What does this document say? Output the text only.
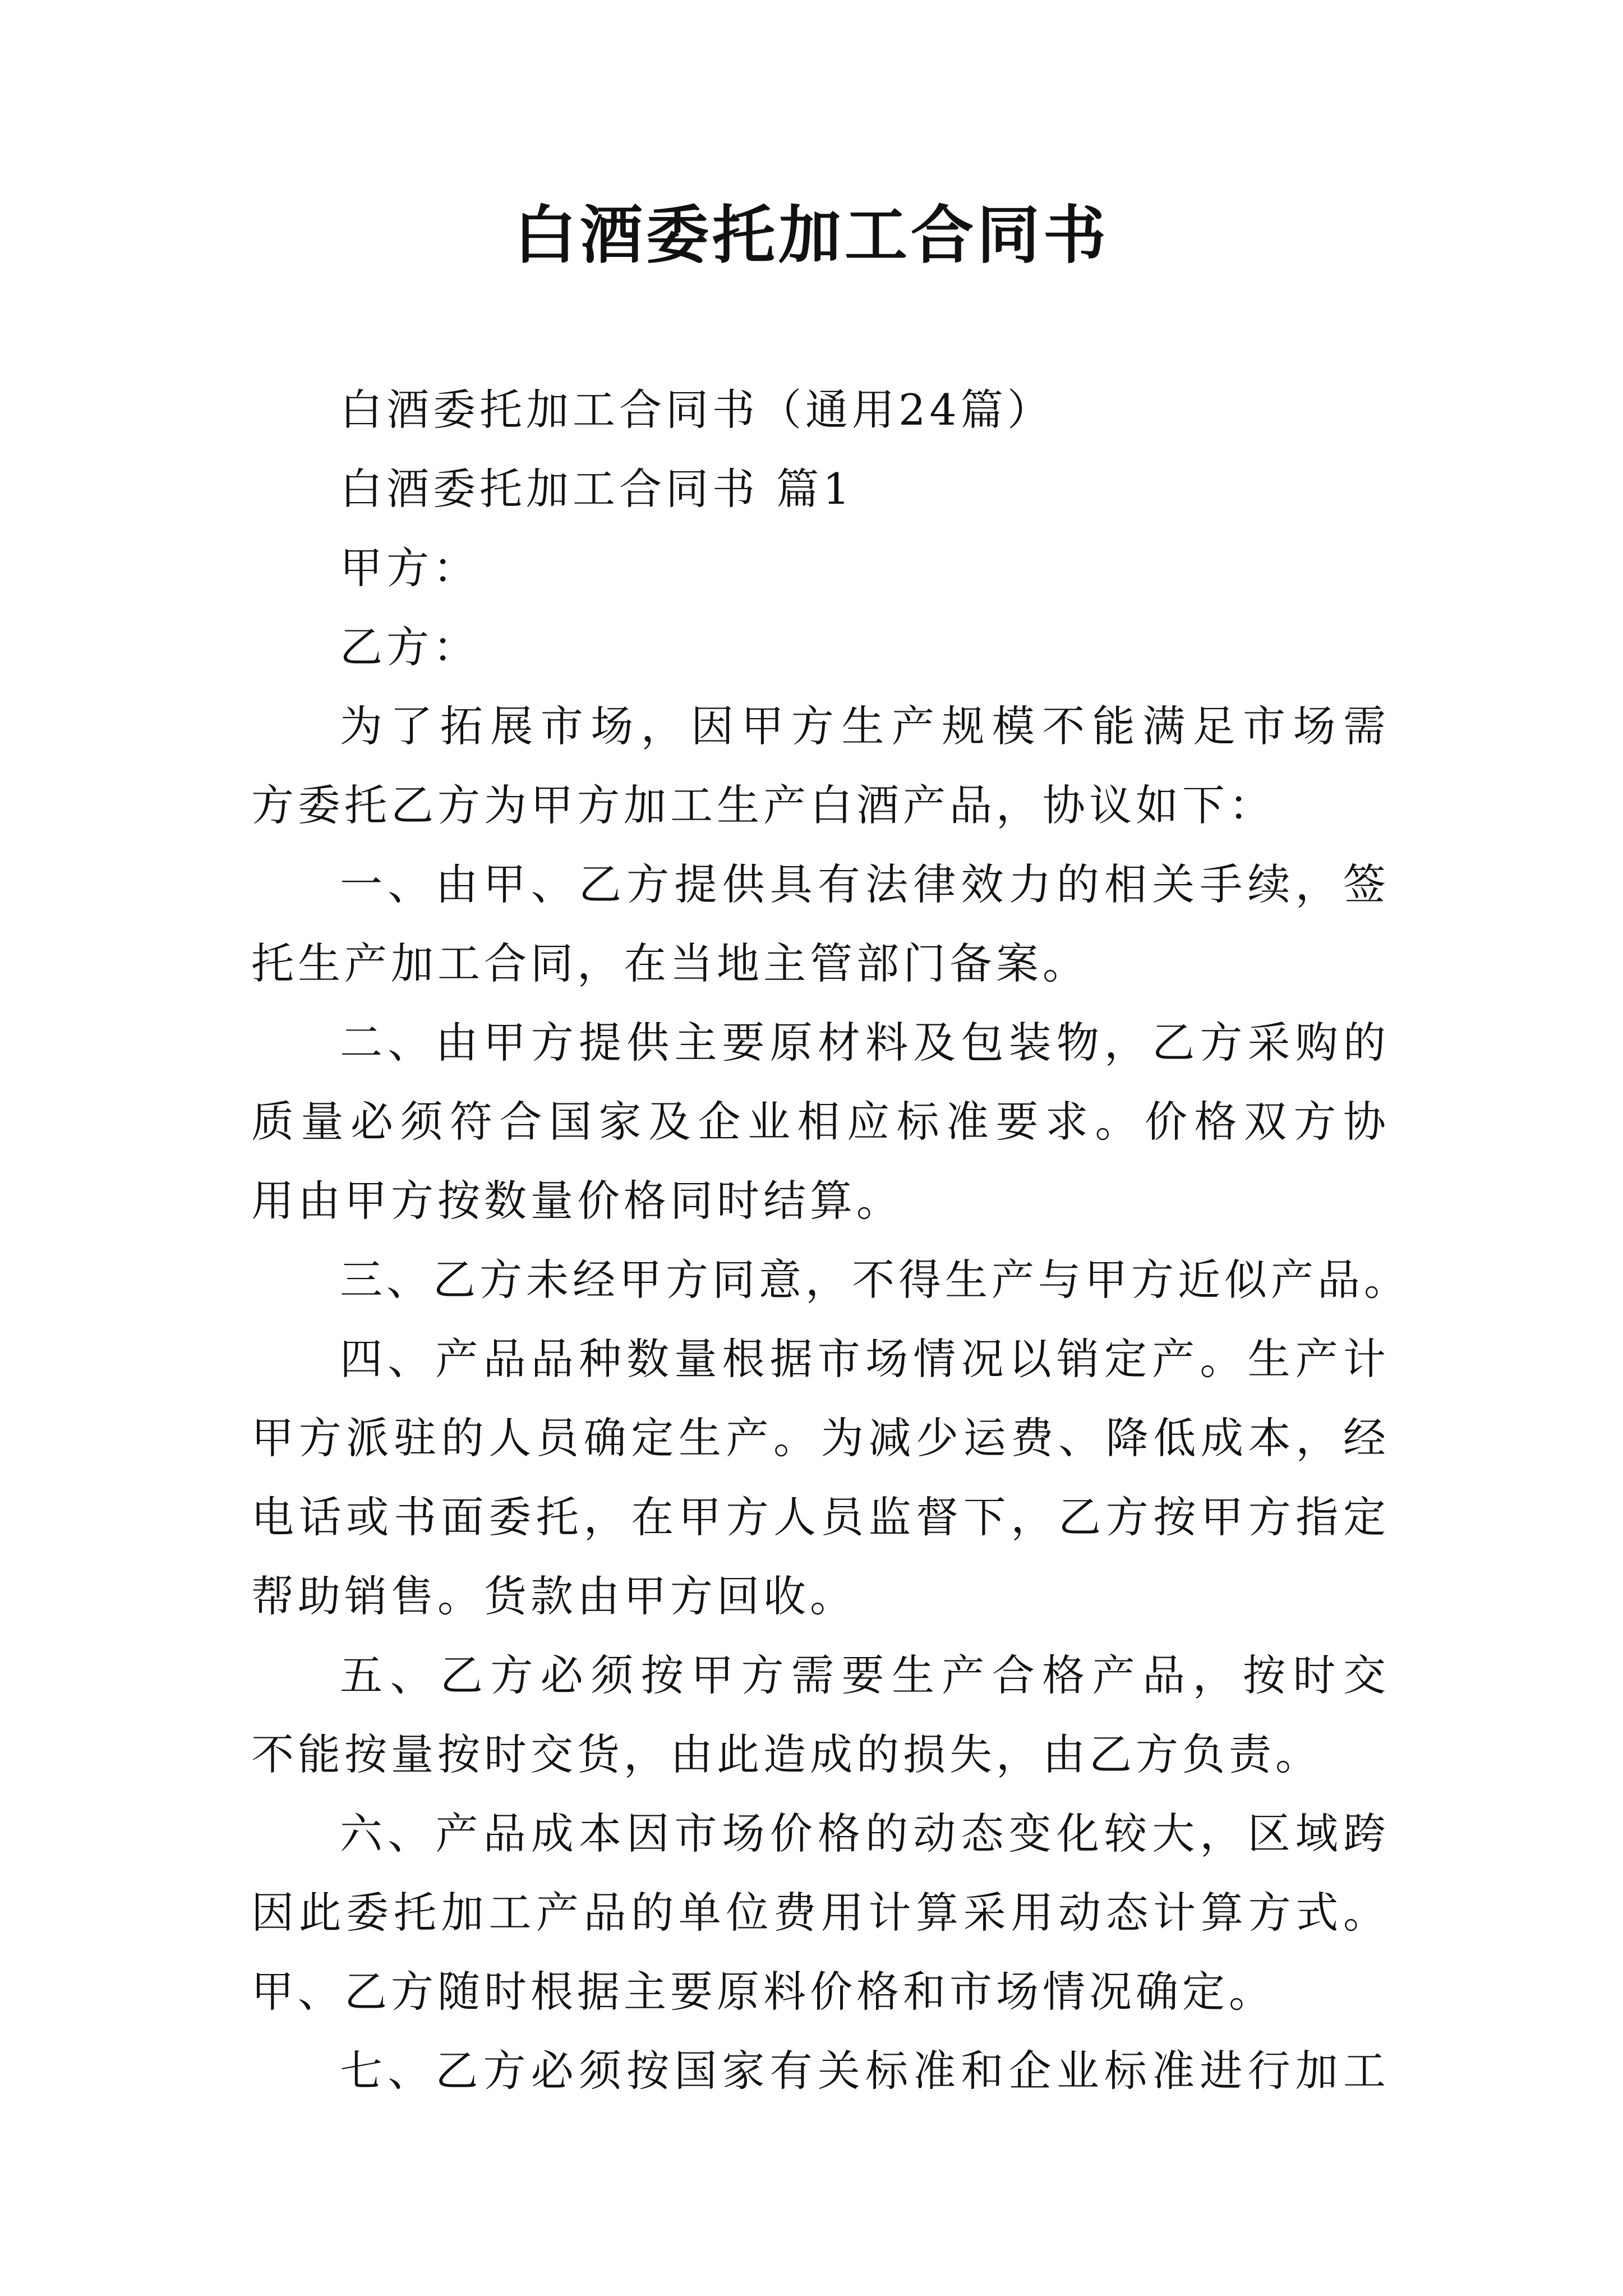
白酒委托加工合同书
白酒委托加工合同书（通用24篇）
白酒委托加工合同书 篇1
甲方：
乙方：
为了拓展市场，因甲方生产规模不能满足市场需
方委托乙方为甲方加工生产白酒产品，协议如下：
一、由甲、乙方提供具有法律效力的相关手续，签
托生产加工合同，在当地主管部门备案。
二、由甲方提供主要原材料及包装物，乙方采购的
质量必须符合国家及企业相应标准要求。价格双方协
用由甲方按数量价格同时结算。
三、乙方未经甲方同意，不得生产与甲方近似产品。
四、产品品种数量根据市场情况以销定产。生产计
甲方派驻的人员确定生产。为减少运费、降低成本，经
电话或书面委托，在甲方人员监督下，乙方按甲方指定
帮助销售。货款由甲方回收。
五、乙方必须按甲方需要生产合格产品，按时交
不能按量按时交货，由此造成的损失，由乙方负责。
六、产品成本因市场价格的动态变化较大，区域跨
因此委托加工产品的单位费用计算采用动态计算方式。
甲、乙方随时根据主要原料价格和市场情况确定。
七、乙方必须按国家有关标准和企业标准进行加工
